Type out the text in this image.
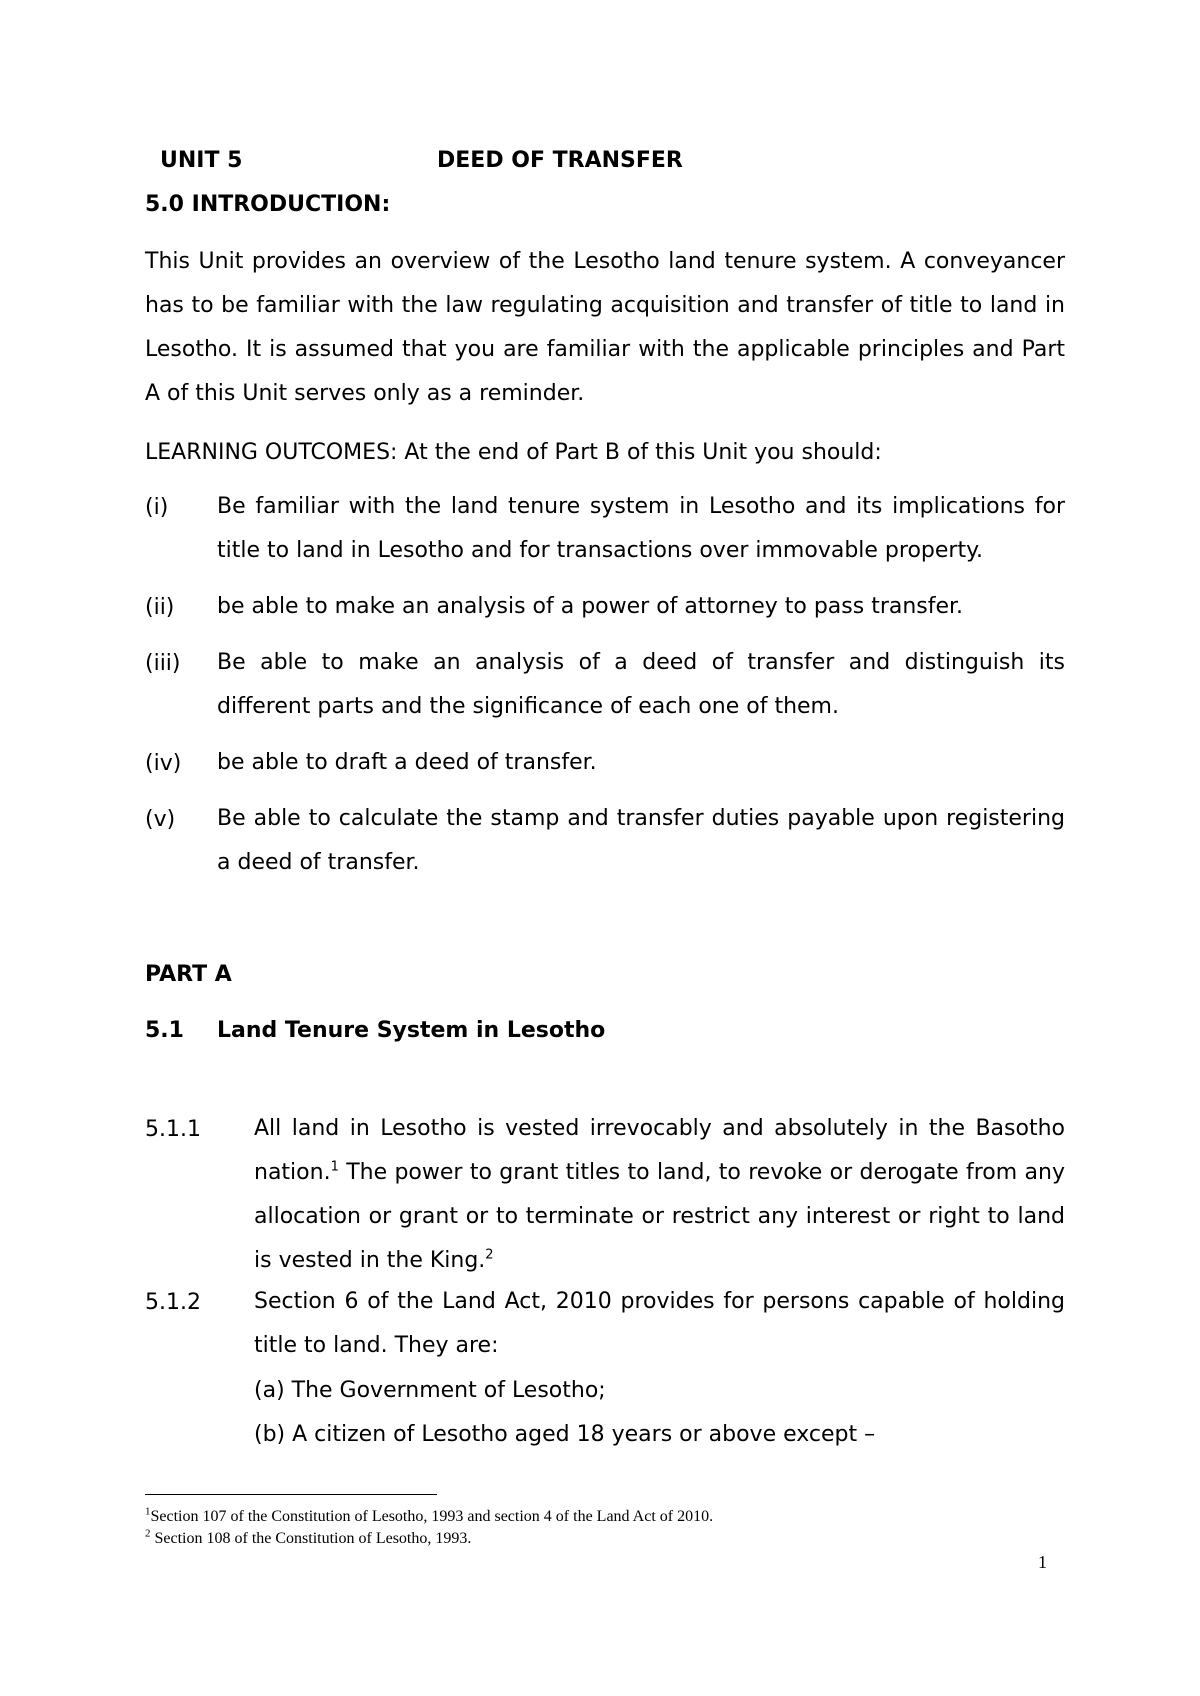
UNIT 5	DEED OF TRANSFER
5.0 INTRODUCTION:
This Unit provides an overview of the Lesotho land tenure system. A conveyancer has to be familiar with the law regulating acquisition and transfer of title to land in Lesotho. It is assumed that you are familiar with the applicable principles and Part A of this Unit serves only as a reminder.
LEARNING OUTCOMES: At the end of Part B of this Unit you should:
(i) Be familiar with the land tenure system in Lesotho and its implications for title to land in Lesotho and for transactions over immovable property.
(ii) be able to make an analysis of a power of attorney to pass transfer.
(iii) Be able to make an analysis of a deed of transfer and distinguish its different parts and the significance of each one of them.
(iv) be able to draft a deed of transfer.
(v) Be able to calculate the stamp and transfer duties payable upon registering a deed of transfer.
PART A
5.1 Land Tenure System in Lesotho
5.1.1 All land in Lesotho is vested irrevocably and absolutely in the Basotho nation.$^1$ The power to grant titles to land, to revoke or derogate from any allocation or grant or to terminate or restrict any interest or right to land is vested in the King.$^2$
5.1.2 Section 6 of the Land Act, 2010 provides for persons capable of holding title to land. They are:
(a) The Government of Lesotho;
(b) A citizen of Lesotho aged 18 years or above except –
$^1$Section 107 of the Constitution of Lesotho, 1993 and section 4 of the Land Act of 2010.
$^2$ Section 108 of the Constitution of Lesotho, 1993.
1
